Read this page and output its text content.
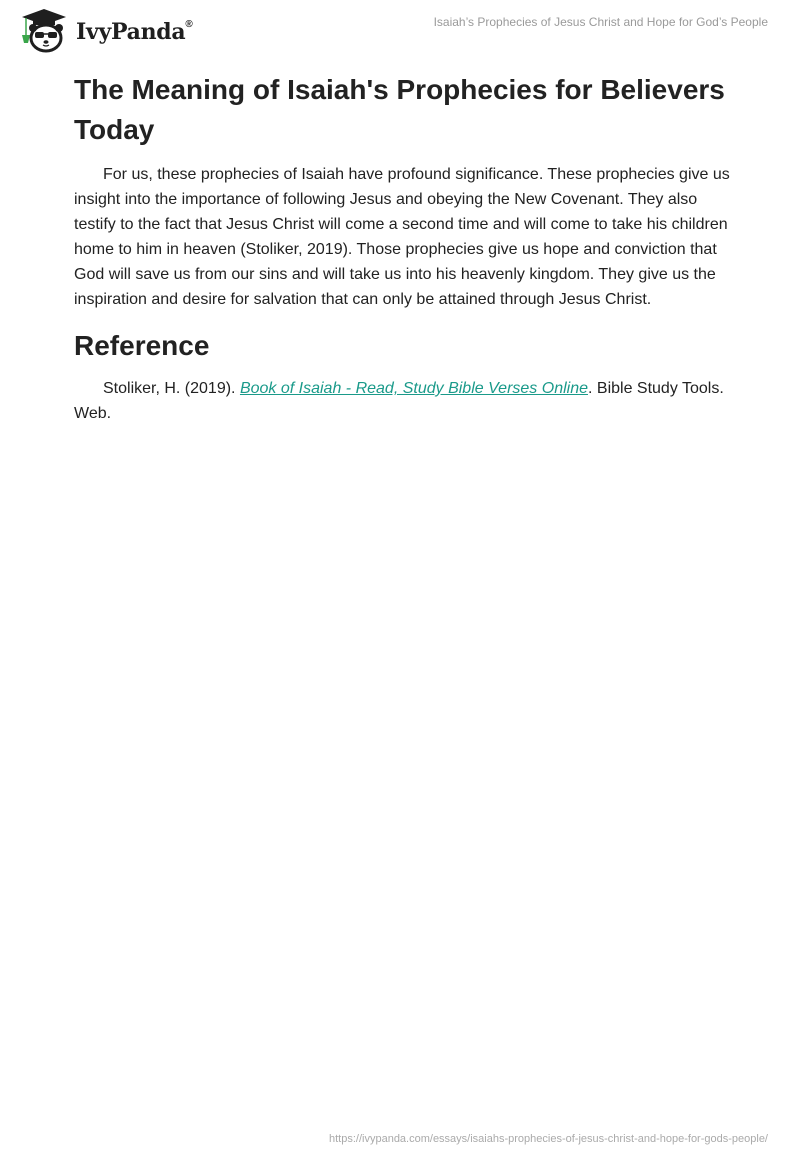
IvyPanda®	Isaiah’s Prophecies of Jesus Christ and Hope for God’s People
The Meaning of Isaiah's Prophecies for Believers Today

For us, these prophecies of Isaiah have profound significance. These prophecies give us insight into the importance of following Jesus and obeying the New Covenant. They also testify to the fact that Jesus Christ will come a second time and will come to take his children home to him in heaven (Stoliker, 2019). Those prophecies give us hope and conviction that God will save us from our sins and will take us into his heavenly kingdom. They give us the inspiration and desire for salvation that can only be attained through Jesus Christ.

Reference

Stoliker, H. (2019). Book of Isaiah - Read, Study Bible Verses Online. Bible Study Tools. Web.

https://ivypanda.com/essays/isaiahs-prophecies-of-jesus-christ-and-hope-for-gods-people/
